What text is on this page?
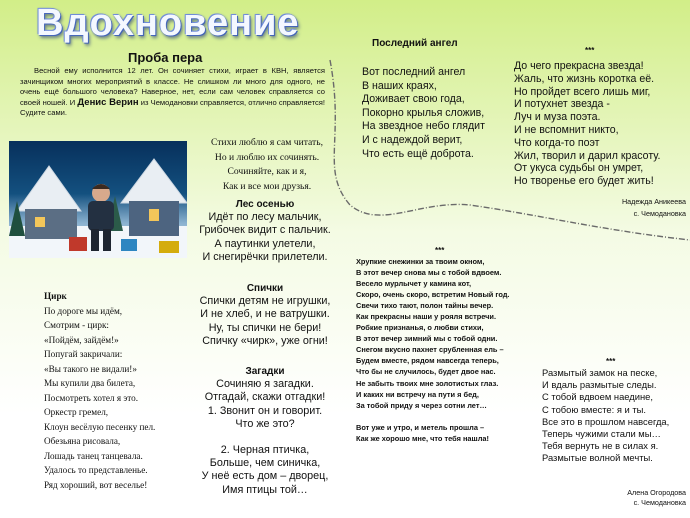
Вдохновение
Проба пера
Весной ему исполнится 12 лет. Он сочиняет стихи, играет в КВН, является зачинщиком многих мероприятий в классе. Не слишком ли много для одного, не очень ещё большого человека? Наверное, нет, если сам человек справляется со своей ношей. И Денис Верин из Чемодановки справляется, отлично справляется! Судите сами.
Стихи люблю я сам читать,
Но и люблю их сочинять.
Сочиняйте, как и я,
Как и все мои друзья.
Лес осенью
Идёт по лесу мальчик,
Грибочек видит с пальчик.
А паутинки улетели,
И снегирёчки прилетели.
Цирк
По дороге мы идём,
Смотрим - цирк:
«Пойдём, зайдём!»
Попугай закричали:
«Вы такого не видали!»
Мы купили два билета,
Посмотреть хотел я это.
Оркестр гремел,
Клоун весёлую песенку пел.
Обезьяна рисовала,
Лошадь танец танцевала.
Удалось то представленье.
Ряд хороший, вот веселье!
Спички
Спички детям не игрушки,
И не хлеб, и не ватрушки.
Ну, ты спички не бери!
Спичку «чирк», уже огни!
Загадки
Сочиняю я загадки.
Отгадай, скажи отгадки!
1. Звонит он и говорит.
Что же это?
2. Черная птичка,
Больше, чем синичка,
У неё есть дом – дворец,
Имя птицы той…
Последний ангел
Вот последний ангел
В наших краях,
Доживает свою года,
Покорно крылья сложив,
На звездное небо глядит
И с надеждой верит,
Что есть ещё доброта.
***
До чего прекрасна звезда!
Жаль, что жизнь коротка её.
Но пройдет всего лишь миг,
И потухнет звезда -
Луч и муза поэта.
И не вспомнит никто,
Что когда-то поэт
Жил, творил и дарил красоту.
От укуса судьбы он умрет,
Но творенье его будет жить!
Надежда Аникеева
с. Чемодановка
***
Хрупкие снежинки за твоим окном,
В этот вечер снова мы с тобой вдвоем.
Весело мурлычет у камина кот,
Скоро, очень скоро, встретим Новый год.
Свечи тихо тают, полон тайны вечер.
Как прекрасны наши у рояля встречи.
Робкие признанья, о любви стихи,
В этот вечер зимний мы с тобой одни.
Снегом вкусно пахнет срубленная ель –
Будем вместе, рядом навсегда теперь,
Что бы не случилось, будет двое нас.
Не забыть твоих мне золотистых глаз.
И каких ни встречу на пути я бед,
За тобой приду я через сотни лет…
Вот уже и утро, и метель прошла –
Как же хорошо мне, что тебя нашла!
***
Размытый замок на песке,
И вдаль размытые следы.
С тобой вдвоем наедине,
С тобою вместе: я и ты.
Все это в прошлом навсегда,
Теперь чужими стали мы…
Тебя вернуть не в силах я.
Размытые волной мечты.
Алена Огородова
с. Чемодановка
